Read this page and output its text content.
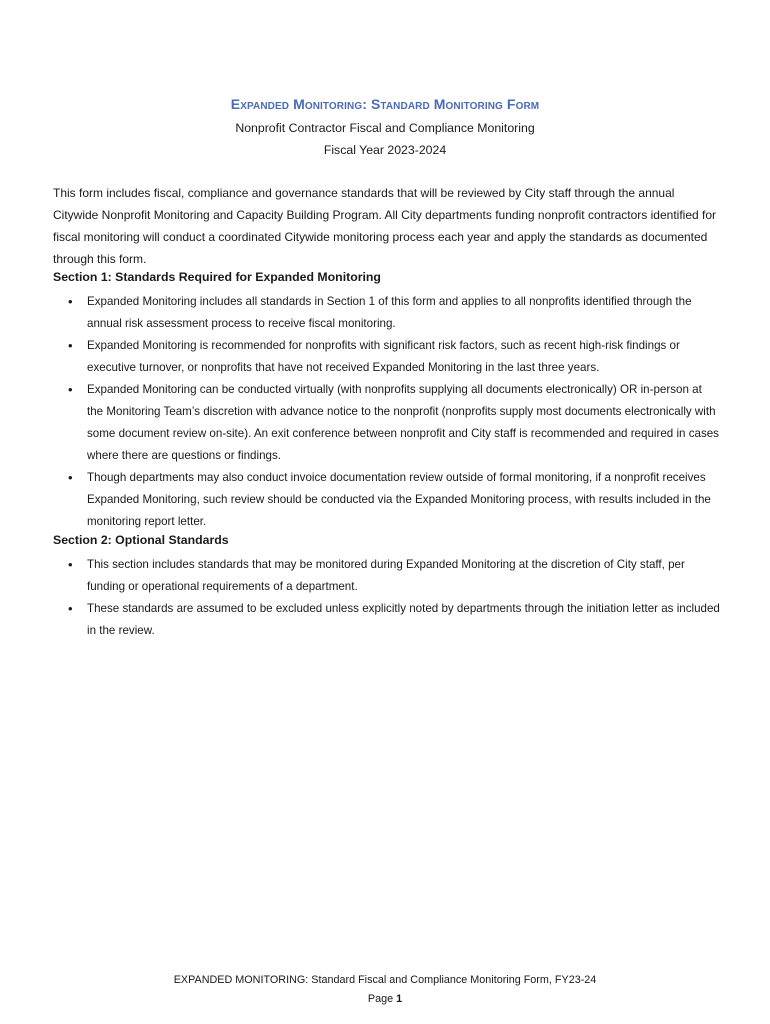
Expanded Monitoring: Standard Monitoring Form
Nonprofit Contractor Fiscal and Compliance Monitoring
Fiscal Year 2023-2024

This form includes fiscal, compliance and governance standards that will be reviewed by City staff through the annual Citywide Nonprofit Monitoring and Capacity Building Program. All City departments funding nonprofit contractors identified for fiscal monitoring will conduct a coordinated Citywide monitoring process each year and apply the standards as documented through this form.

Section 1: Standards Required for Expanded Monitoring
• Expanded Monitoring includes all standards in Section 1 of this form and applies to all nonprofits identified through the annual risk assessment process to receive fiscal monitoring.
• Expanded Monitoring is recommended for nonprofits with significant risk factors, such as recent high-risk findings or executive turnover, or nonprofits that have not received Expanded Monitoring in the last three years.
• Expanded Monitoring can be conducted virtually (with nonprofits supplying all documents electronically) OR in-person at the Monitoring Team’s discretion with advance notice to the nonprofit (nonprofits supply most documents electronically with some document review on-site). An exit conference between nonprofit and City staff is recommended and required in cases where there are questions or findings.
• Though departments may also conduct invoice documentation review outside of formal monitoring, if a nonprofit receives Expanded Monitoring, such review should be conducted via the Expanded Monitoring process, with results included in the monitoring report letter.
Section 2: Optional Standards
• This section includes standards that may be monitored during Expanded Monitoring at the discretion of City staff, per funding or operational requirements of a department.
• These standards are assumed to be excluded unless explicitly noted by departments through the initiation letter as included in the review.
EXPANDED MONITORING: Standard Fiscal and Compliance Monitoring Form, FY23-24
Page 1
